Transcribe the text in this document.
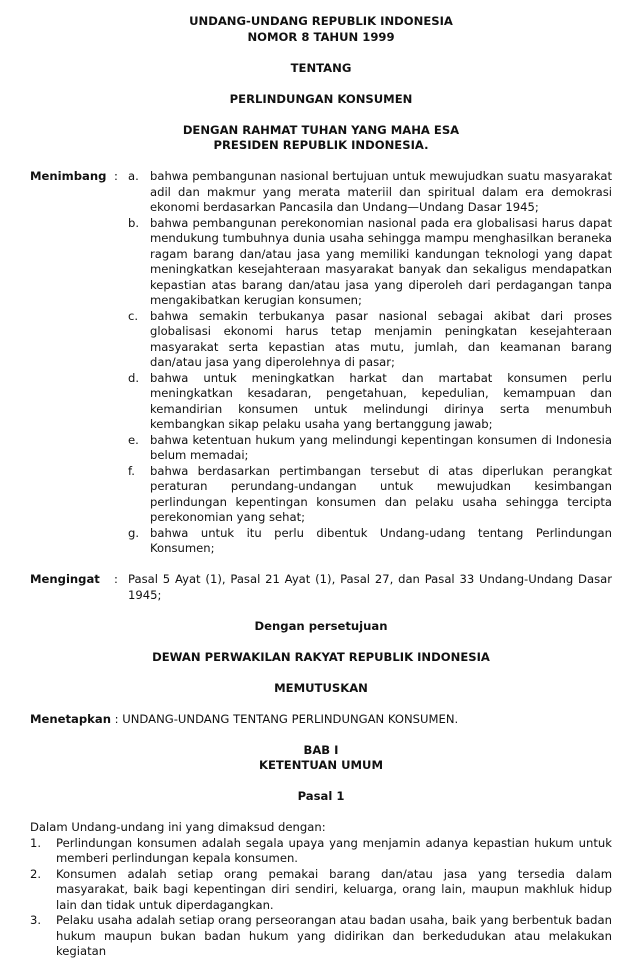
UNDANG-UNDANG REPUBLIK INDONESIA
NOMOR 8 TAHUN 1999
TENTANG
PERLINDUNGAN KONSUMEN
DENGAN RAHMAT TUHAN YANG MAHA ESA
PRESIDEN REPUBLIK INDONESIA.
Menimbang : a. bahwa pembangunan nasional bertujuan untuk mewujudkan suatu masyarakat adil dan makmur yang merata materiil dan spiritual dalam era demokrasi ekonomi berdasarkan Pancasila dan Undang—Undang Dasar 1945;
b. bahwa pembangunan perekonomian nasional pada era globalisasi harus dapat mendukung tumbuhnya dunia usaha sehingga mampu menghasilkan beraneka ragam barang dan/atau jasa yang memiliki kandungan teknologi yang dapat meningkatkan kesejahteraan masyarakat banyak dan sekaligus mendapatkan kepastian atas barang dan/atau jasa yang diperoleh dari perdagangan tanpa mengakibatkan kerugian konsumen;
c.	bahwa semakin terbukanya pasar nasional sebagai akibat dari proses globalisasi ekonomi harus tetap menjamin peningkatan kesejahteraan masyarakat serta kepastian atas mutu, jumlah, dan keamanan barang dan/atau jasa yang diperolehnya di pasar;
d. bahwa untuk meningkatkan harkat dan martabat konsumen perlu meningkatkan kesadaran, pengetahuan, kepedulian, kemampuan dan kemandirian konsumen untuk melindungi dirinya serta menumbuh kembangkan sikap pelaku usaha yang bertanggung jawab;
e. bahwa ketentuan hukum yang melindungi kepentingan konsumen di Indonesia belum memadai;
f.	bahwa berdasarkan pertimbangan tersebut di atas diperlukan perangkat peraturan perundang-undangan untuk mewujudkan kesimbangan perlindungan kepentingan konsumen dan pelaku usaha sehingga tercipta perekonomian yang sehat;
g. bahwa untuk itu perlu dibentuk Undang-udang tentang Perlindungan Konsumen;
Mengingat	: Pasal 5 Ayat (1), Pasal 21 Ayat (1), Pasal 27, dan Pasal 33 Undang-Undang Dasar 1945;
Dengan persetujuan
DEWAN PERWAKILAN RAKYAT REPUBLIK INDONESIA
MEMUTUSKAN
Menetapkan : UNDANG-UNDANG TENTANG PERLINDUNGAN KONSUMEN.
BAB I
KETENTUAN UMUM
Pasal 1
Dalam Undang-undang ini yang dimaksud dengan:
1.	Perlindungan konsumen adalah segala upaya yang menjamin adanya kepastian hukum untuk memberi perlindungan kepala konsumen.
2.	Konsumen adalah setiap orang pemakai barang dan/atau jasa yang tersedia dalam masyarakat, baik bagi kepentingan diri sendiri, keluarga, orang lain, maupun makhluk hidup lain dan tidak untuk diperdagangkan.
3.	Pelaku usaha adalah setiap orang perseorangan atau badan usaha, baik yang berbentuk badan hukum maupun bukan badan hukum yang didirikan dan berkedudukan atau melakukan kegiatan
